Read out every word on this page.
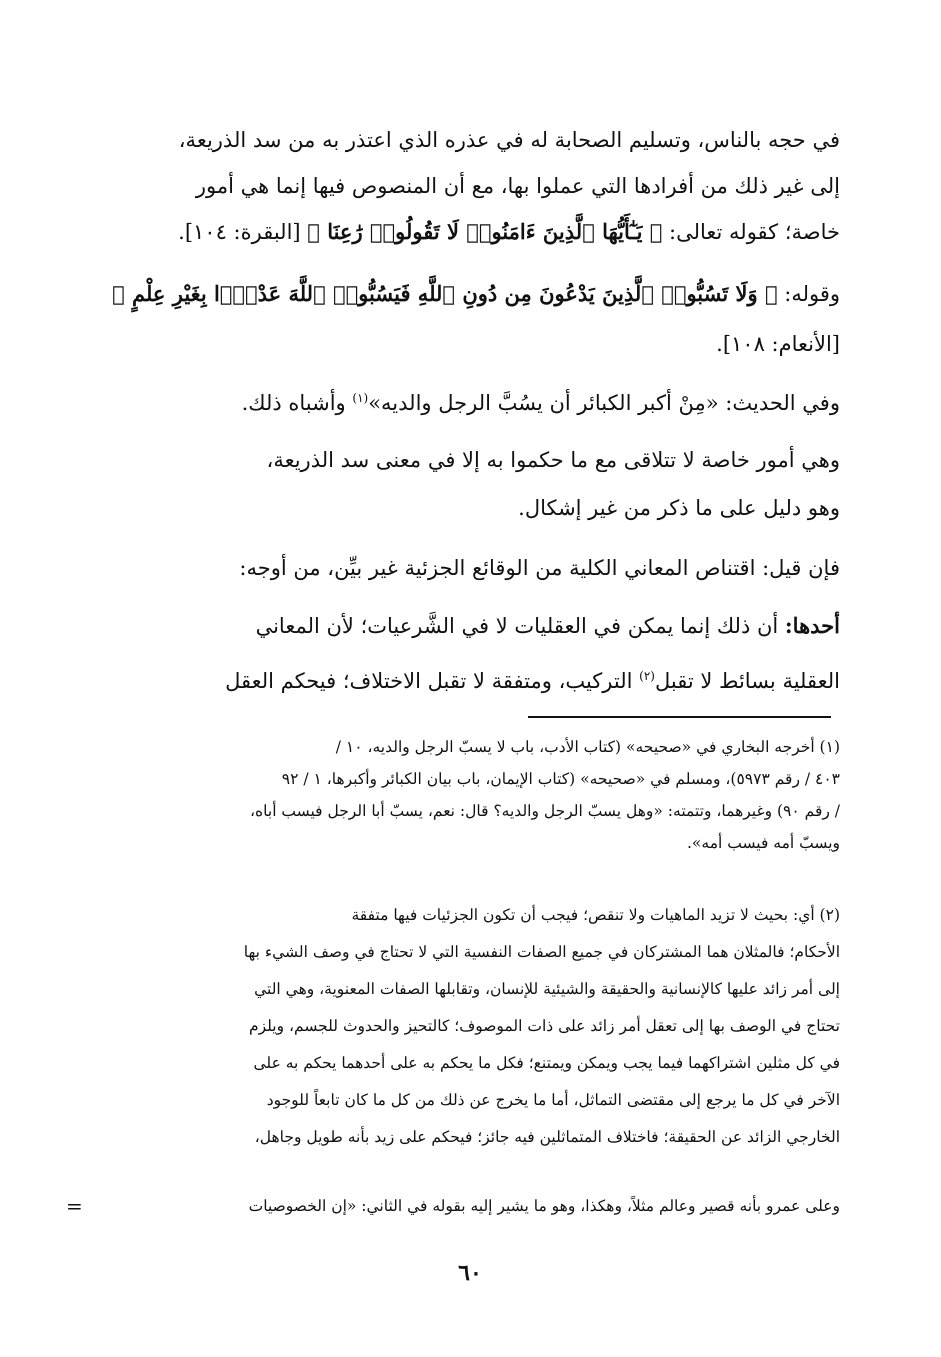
في حجه بالناس، وتسليم الصحابة له في عذره الذي اعتذر به من سد الذريعة،
إلى غير ذلك من أفرادها التي عملوا بها، مع أن المنصوص فيها إنما هي أمور
خاصة؛ كقوله تعالى: ﴿ يَـٰٓأَيُّهَا ٱلَّذِينَ ءَامَنُوا۟ لَا تَقُولُوا۟ رَٰعِنَا ﴾ [البقرة: ١٠٤].
وقوله: ﴿ وَلَا تَسُبُّوا۟ ٱلَّذِينَ يَدْعُونَ مِن دُونِ ٱللَّهِ فَيَسُبُّوا۟ ٱللَّهَ عَدْوًۢا بِغَيْرِ عِلْمٍ ﴾
[الأنعام: ١٠٨].
وفي الحديث: «مِنْ أكبر الكبائر أن يسُبَّ الرجل والديه»$^{(١)}$ وأشباه ذلك.
وهي أمور خاصة لا تتلاقى مع ما حكموا به إلا في معنى سد الذريعة،
وهو دليل على ما ذكر من غير إشكال.
فإن قيل: اقتناص المعاني الكلية من الوقائع الجزئية غير بيِّن، من أوجه:
أحدها: أن ذلك إنما يمكن في العقليات لا في الشَّرعيات؛ لأن المعاني
العقلية بسائط لا تقبل$^{(٢)}$ التركيب، ومتفقة لا تقبل الاختلاف؛ فيحكم العقل
(١) أخرجه البخاري في «صحيحه» (كتاب الأدب، باب لا يسبّ الرجل والديه، ١٠ /
٤٠٣ / رقم ٥٩٧٣)، ومسلم في «صحيحه» (كتاب الإيمان، باب بيان الكبائر وأكبرها، ١ / ٩٢
/ رقم ٩٠) وغيرهما، وتتمته: «وهل يسبّ الرجل والديه؟ قال: نعم، يسبّ أبا الرجل فيسب أباه،
ويسبّ أمه فيسب أمه».
(٢) أي: بحيث لا تزيد الماهيات ولا تنقص؛ فيجب أن تكون الجزئيات فيها متفقة
الأحكام؛ فالمثلان هما المشتركان في جميع الصفات النفسية التي لا تحتاج في وصف الشيء بها
إلى أمر زائد عليها كالإنسانية والحقيقة والشيئية للإنسان، وتقابلها الصفات المعنوية، وهي التي
تحتاج في الوصف بها إلى تعقل أمر زائد على ذات الموصوف؛ كالتحيز والحدوث للجسم، ويلزم
في كل مثلين اشتراكهما فيما يجب ويمكن ويمتنع؛ فكل ما يحكم به على أحدهما يحكم به على
الآخر في كل ما يرجع إلى مقتضى التماثل، أما ما يخرج عن ذلك من كل ما كان تابعاً للوجود
الخارجي الزائد عن الحقيقة؛ فاختلاف المتماثلين فيه جائز؛ فيحكم على زيد بأنه طويل وجاهل،
وعلى عمرو بأنه قصير وعالم مثلاً، وهكذا، وهو ما يشير إليه بقوله في الثاني: «إن الخصوصيات
=
٦٠
